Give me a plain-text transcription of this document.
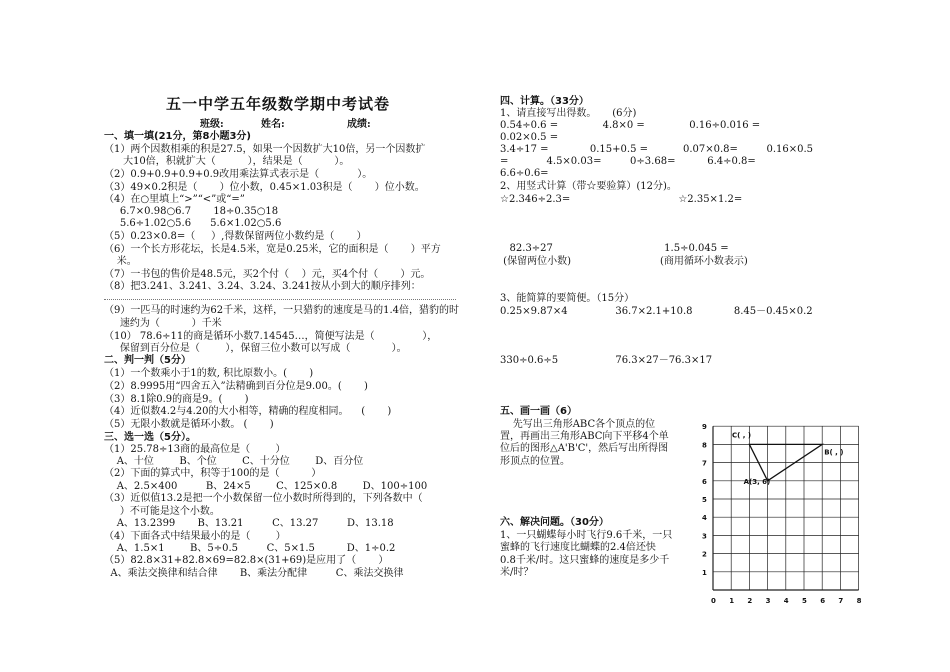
五一中学五年级数学期中考试卷
班级:	姓名:	成绩:
一、填一填(21分，第8小题3分)
（1）两个因数相乘的积是27.5，如果一个因数扩大10倍，另一个因数扩
大10倍，积就扩大（          ），结果是（          ）。
（2）0.9+0.9+0.9+0.9改用乘法算式表示是（            ）。
（3）49×0.2积是（       ）位小数，0.45×1.03积是（       ）位小数。
（4）在○里填上“>”“<”或“=”
6.7×0.98○6.7       18÷0.35○18
5.6÷1.02○5.6      5.6×1.02○5.6
（5）0.23×0.8=（     ）,得数保留两位小数约是（       ）
（6）一个长方形花坛，长是4.5米，宽是0.25米，它的面积是（       ）平方
米。
（7）一书包的售价是48.5元，买2个付（    ）元，买4个付（       ）元。
（8）把3.241、3.241、3.24、3.24、3.241按从小到大的顺序排列：
（9）一匹马的时速约为62千米，这样，一只猎豹的速度是马的1.4倍，猎豹的时
速约为（          ）千米
（10） 78.6÷11的商是循环小数7.14545…，简便写法是（               ），
保留到百分位是（        ），保留三位小数可以写成（             ）。
二、判一判（5分）
（1）一个数乘小于1的数, 积比原数小。(       )
（2）8.9995用“四舍五入”法精确到百分位是9.00。(       )
（3）8.1除0.9的商是9。(       )
（4）近似数4.2与4.20的大小相等，精确的程度相同。    (       )
（5）无限小数就是循环小数。 (       )
三、选一选（5分）。
（1）25.78÷13商的最高位是（        ）
A、十位        B、个位        C、十分位        D、百分位
（2）下面的算式中，积等于100的是（          ）
A、2.5×400         B、24×5        C、125×0.8        D、100÷100
（3）近似值13.2是把一个小数保留一位小数时所得到的，下列各数中（
）不可能是这个小数。
A、13.2399       B、13.21         C、13.27         D、13.18
（4）下面各式中结果最小的是（        ）
A、1.5×1        B、5÷0.5         C、5×1.5          D、1÷0.2
（5）82.8×31+82.8×69=82.8×(31+69)是应用了（       ）
A、乘法交换律和结合律       B、乘法分配律         C、乘法交换律
四、计算。（33分）
1、请直接写出得数。     (6分)
0.54÷0.6 =              4.8×0 =              0.16÷0.016 =
0.02×0.5 =
3.4÷17 =             0.15+0.5 =           0.07×0.8=         0.16×0.5
=            4.5×0.03=         0÷3.68=          6.4÷0.8=
6.6÷0.6=
2、用竖式计算（带☆要验算）(12分)。
☆2.346÷2.3=                                  ☆2.35×1.2=
82.3÷27                                   1.5÷0.045 =
(保留两位小数)                            (商用循环小数表示)
3、能简算的要简便。（15分）
0.25×9.87×4               36.7×2.1+10.8             8.45－0.45×0.2
330÷0.6÷5                  76.3×27－76.3×17
五、画一画（6）
先写出三角形ABC各个顶点的位
置，再画出三角形ABC向下平移4个单
位后的图形△A'B'C'，然后写出所得图
形顶点的位置。
六、解决问题。（30分）
1、一只蝴蝶每小时飞行9.6千米，一只
蜜蜂的飞行速度比蝴蝶的2.4倍还快
0.8千米/时。这只蜜蜂的速度是多少千
米/时？
0 1 2 3 4 5 6 7 8
1
2
3
4
5
6
7
8
9
C( , )
B( , )
A(3, 6)
